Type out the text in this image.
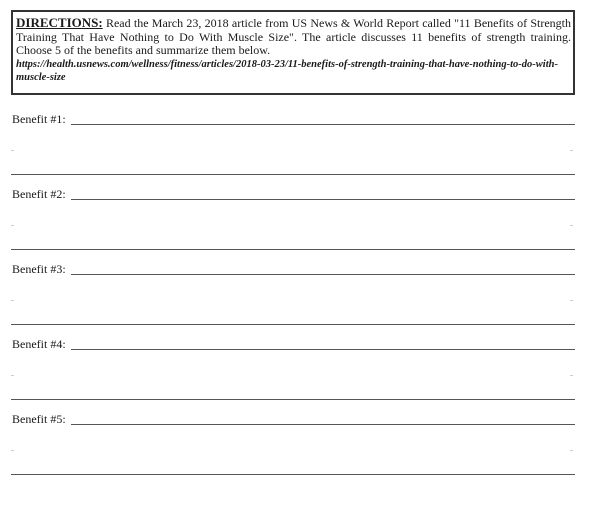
DIRECTIONS: Read the March 23, 2018 article from US News & World Report called "11 Benefits of Strength Training That Have Nothing to Do With Muscle Size". The article discusses 11 benefits of strength training. Choose 5 of the benefits and summarize them below.
https://health.usnews.com/wellness/fitness/articles/2018-03-23/11-benefits-of-strength-training-that-have-nothing-to-do-with-muscle-size
Benefit #1:
Benefit #2:
Benefit #3:
Benefit #4:
Benefit #5:
